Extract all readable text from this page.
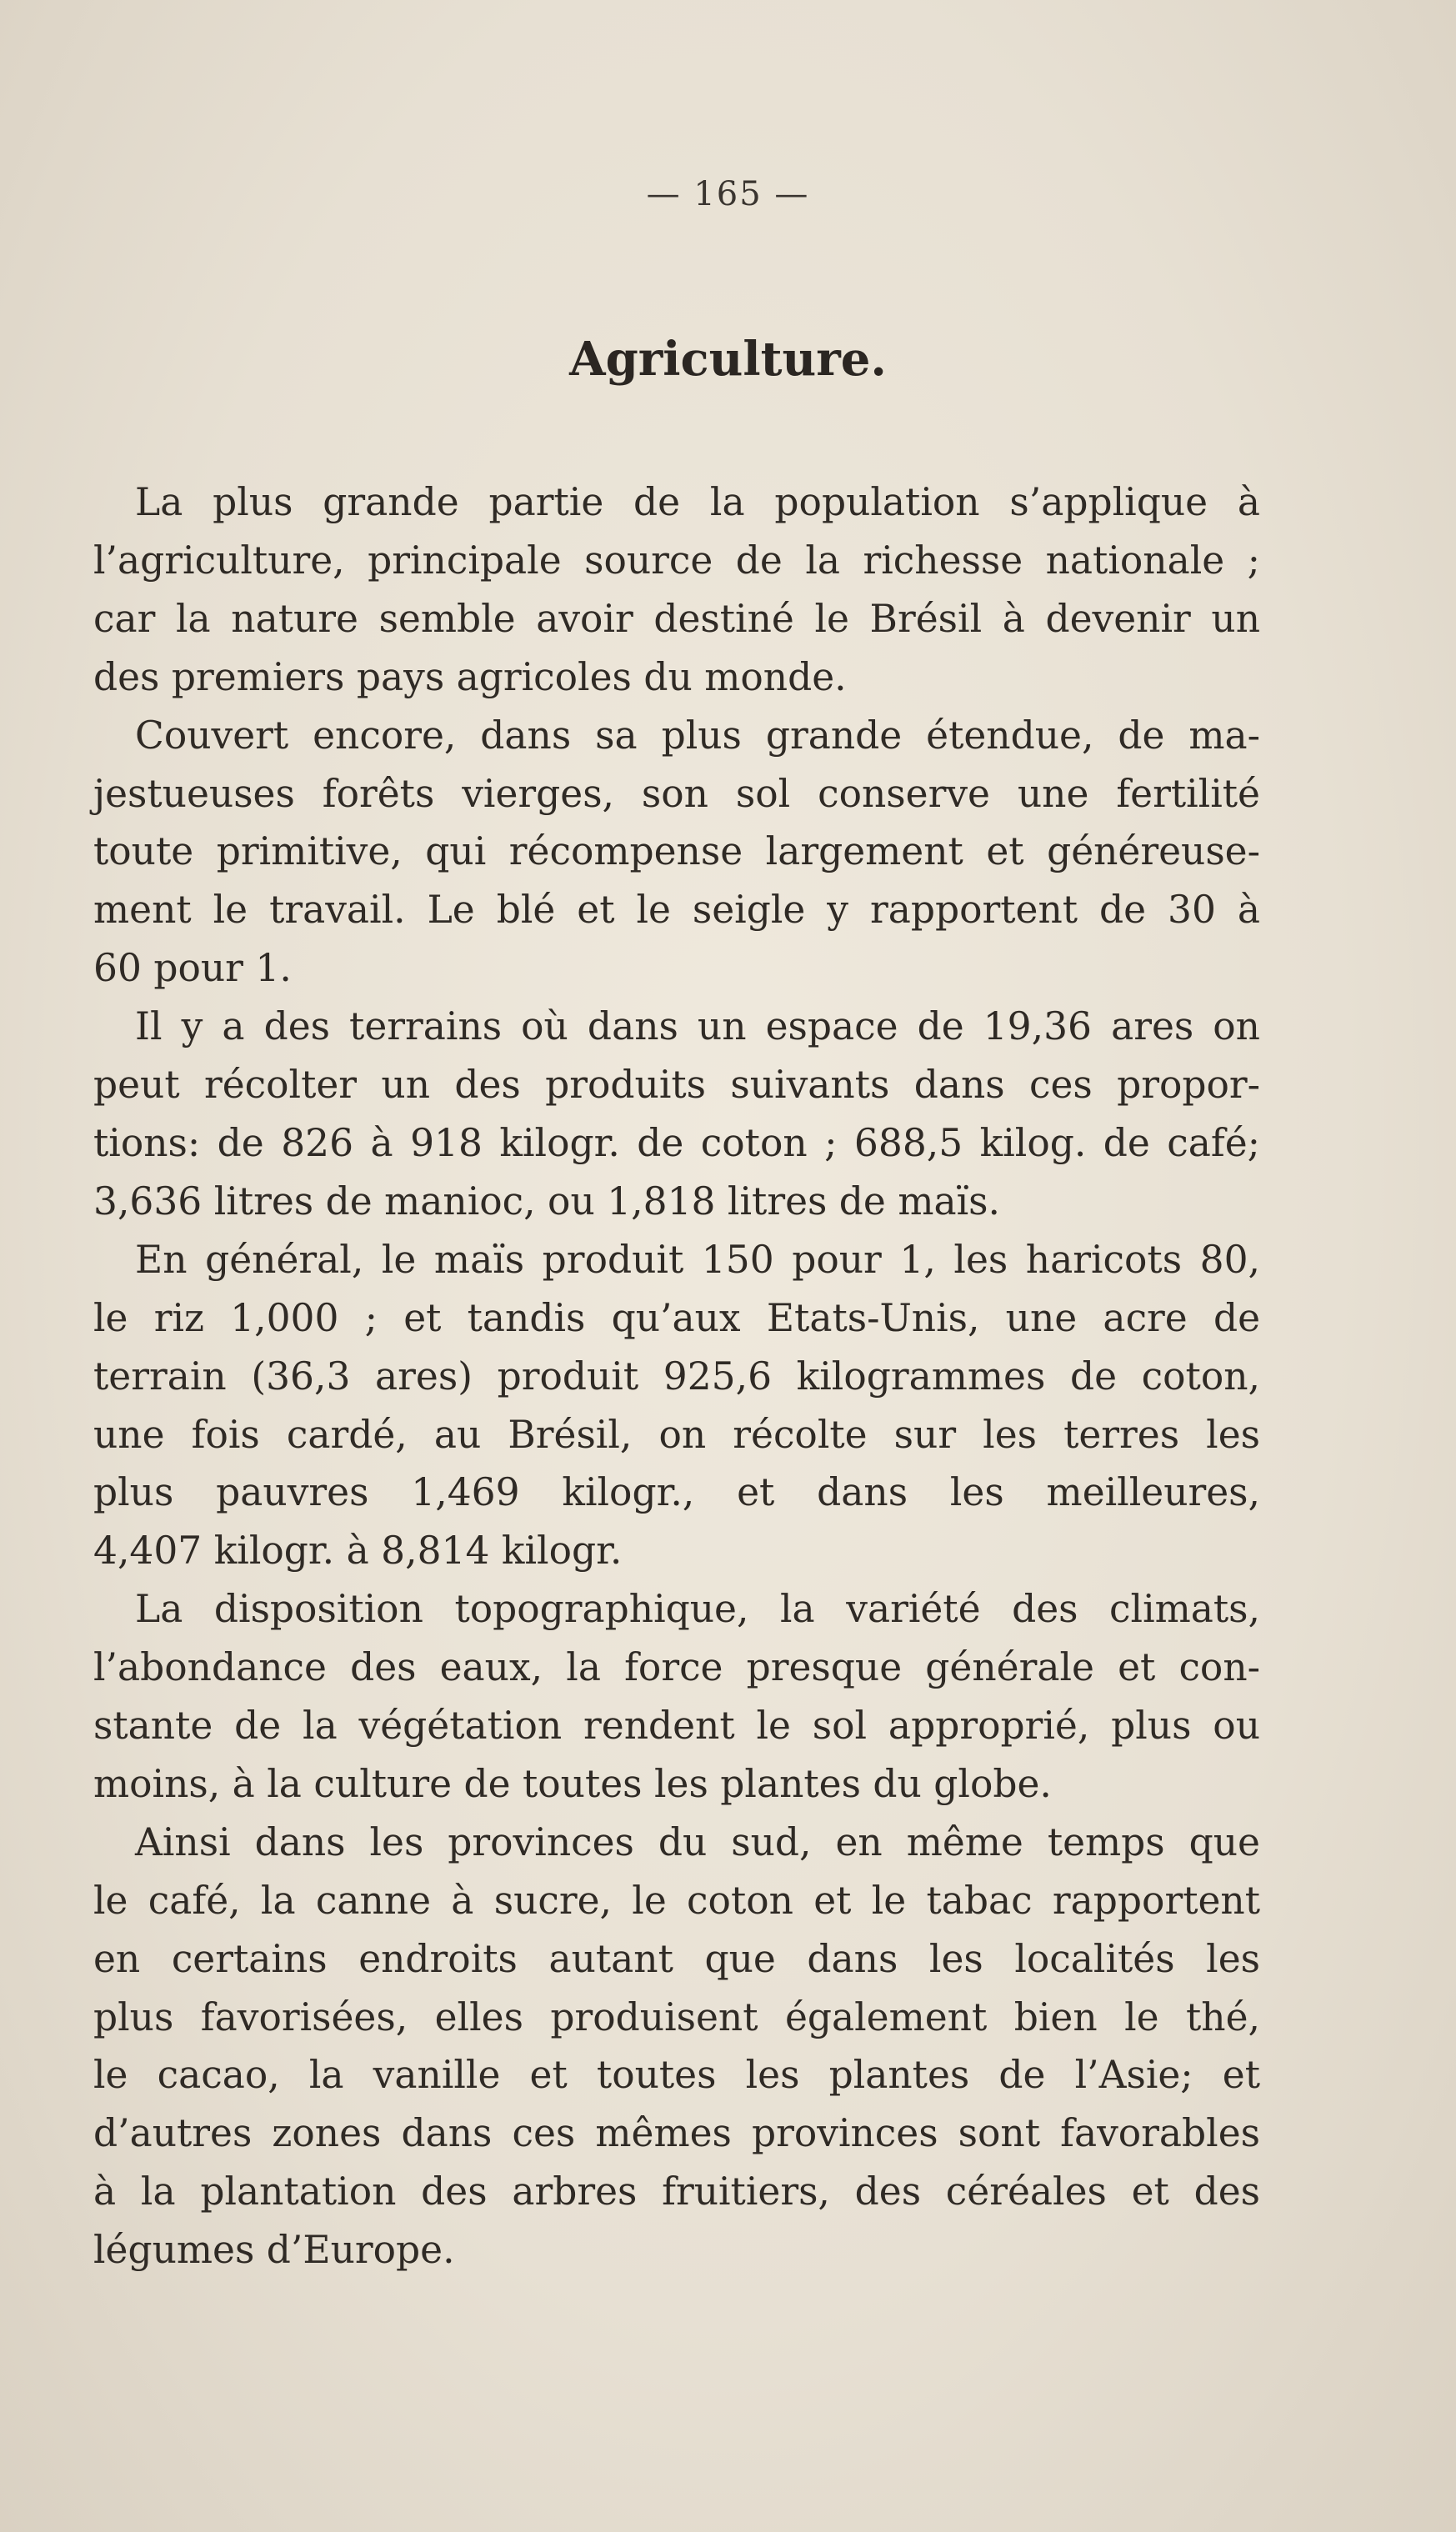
— 165 —
Agriculture.
La plus grande partie de la population s’applique à
l’agriculture, principale source de la richesse nationale ;
car la nature semble avoir destiné le Brésil à devenir un
des premiers pays agricoles du monde.
Couvert encore, dans sa plus grande étendue, de ma-
jestueuses forêts vierges, son sol conserve une fertilité
toute primitive, qui récompense largement et généreuse-
ment le travail. Le blé et le seigle y rapportent de 30 à
60 pour 1.
Il y a des terrains où dans un espace de 19,36 ares on
peut récolter un des produits suivants dans ces propor-
tions: de 826 à 918 kilogr. de coton ; 688,5 kilog. de café;
3,636 litres de manioc, ou 1,818 litres de maïs.
En général, le maïs produit 150 pour 1, les haricots 80,
le riz 1,000 ; et tandis qu’aux Etats-Unis, une acre de
terrain (36,3 ares) produit 925,6 kilogrammes de coton,
une fois cardé, au Brésil, on récolte sur les terres les
plus pauvres 1,469 kilogr., et dans les meilleures,
4,407 kilogr. à 8,814 kilogr.
La disposition topographique, la variété des climats,
l’abondance des eaux, la force presque générale et con-
stante de la végétation rendent le sol approprié, plus ou
moins, à la culture de toutes les plantes du globe.
Ainsi dans les provinces du sud, en même temps que
le café, la canne à sucre, le coton et le tabac rapportent
en certains endroits autant que dans les localités les
plus favorisées, elles produisent également bien le thé,
le cacao, la vanille et toutes les plantes de l’Asie; et
d’autres zones dans ces mêmes provinces sont favorables
à la plantation des arbres fruitiers, des céréales et des
légumes d’Europe.
